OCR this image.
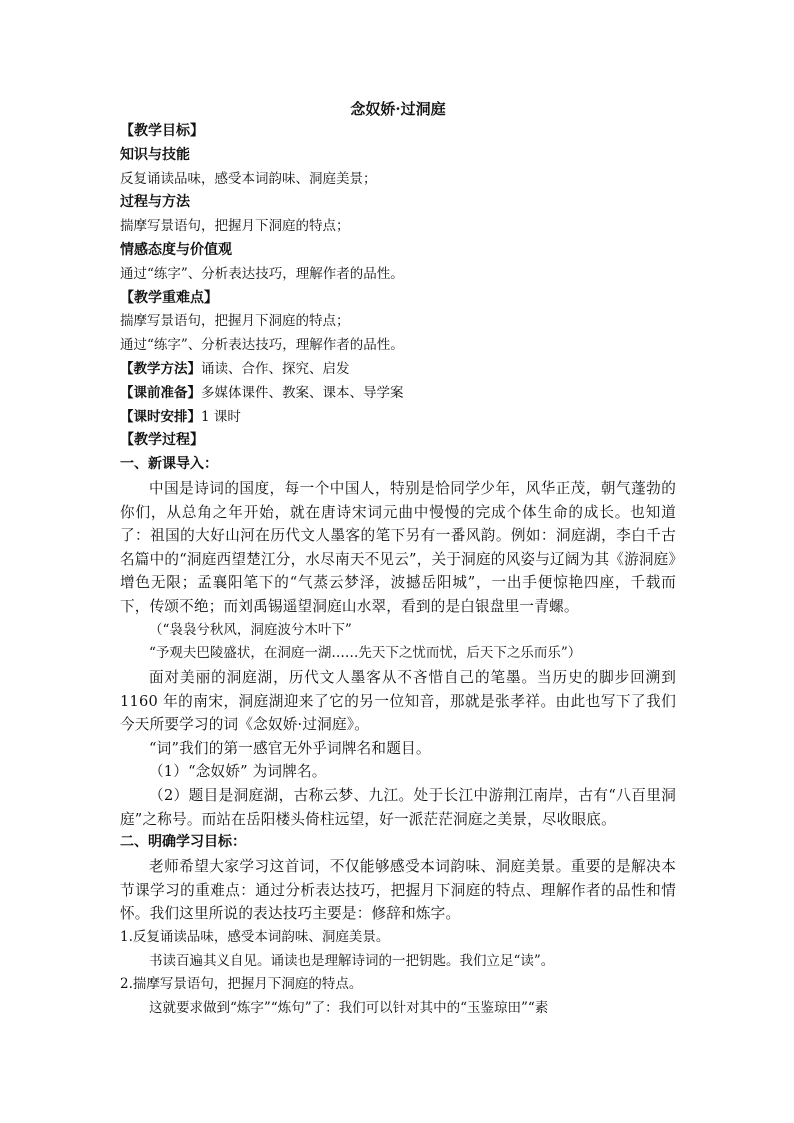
念奴娇·过洞庭
【教学目标】
知识与技能
反复诵读品味，感受本词韵味、洞庭美景；
过程与方法
揣摩写景语句，把握月下洞庭的特点；
情感态度与价值观
通过“练字”、分析表达技巧，理解作者的品性。
【教学重难点】
揣摩写景语句，把握月下洞庭的特点；
通过“练字”、分析表达技巧，理解作者的品性。
【教学方法】诵读、合作、探究、启发
【课前准备】多媒体课件、教案、课本、导学案
【课时安排】1 课时
【教学过程】
一、新课导入：

中国是诗词的国度，每一个中国人，特别是恰同学少年，风华正茂，朝气蓬勃的你们，从总角之年开始，就在唐诗宋词元曲中慢慢的完成个体生命的成长。也知道了：祖国的大好山河在历代文人墨客的笔下另有一番风韵。例如：洞庭湖，李白千古名篇中的“洞庭西望楚江分，水尽南天不见云”，关于洞庭的风姿与辽阔为其《游洞庭》增色无限；孟襄阳笔下的“气蒸云梦泽，波撼岳阳城”，一出手便惊艳四座，千载而下，传颂不绝；而刘禹锡遥望洞庭山水翠，看到的是白银盘里一青螺。

（“袅袅兮秋风，洞庭波兮木叶下”
“予观夫巴陵盛状，在洞庭一湖……先天下之忧而忧，后天下之乐而乐”）

面对美丽的洞庭湖，历代文人墨客从不吝惜自己的笔墨。当历史的脚步回溯到 1160 年的南宋，洞庭湖迎来了它的另一位知音，那就是张孝祥。由此也写下了我们今天所要学习的词《念奴娇·过洞庭》。

“词”我们的第一感官无外乎词牌名和题目。

（1）“念奴娇” 为词牌名。

（2）题目是洞庭湖，古称云梦、九江。处于长江中游荆江南岸，古有“八百里洞庭”之称号。而站在岳阳楼头倚柱远望，好一派茫茫洞庭之美景，尽收眼底。

二、明确学习目标：

老师希望大家学习这首词，不仅能够感受本词韵味、洞庭美景。重要的是解决本节课学习的重难点：通过分析表达技巧，把握月下洞庭的特点、理解作者的品性和情怀。我们这里所说的表达技巧主要是：修辞和炼字。

1.反复诵读品味，感受本词韵味、洞庭美景。
书读百遍其义自见。诵读也是理解诗词的一把钥匙。我们立足“读”。
2.揣摩写景语句，把握月下洞庭的特点。
这就要求做到“炼字”“炼句”了：我们可以针对其中的“玉鉴琼田”“素
